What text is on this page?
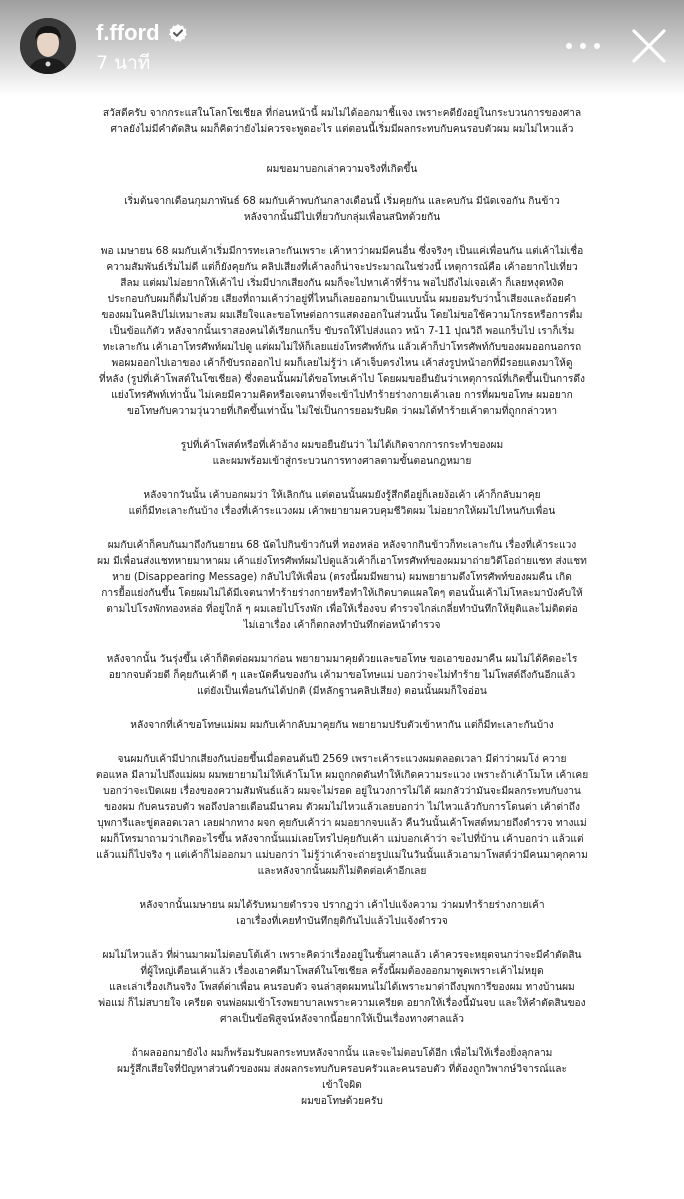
f.fford
7 นาที

สวัสดีครับ จากกระแสในโลกโซเชียล ที่ก่อนหน้านี้ ผมไม่ได้ออกมาชี้แจง เพราะคดียังอยู่ในกระบวนการของศาล
ศาลยังไม่มีคำตัดสิน ผมก็คิดว่ายังไม่ควรจะพูดอะไร แต่ตอนนี้เริ่มมีผลกระทบกับคนรอบตัวผม ผมไม่ไหวแล้ว

ผมขอมาบอกเล่าความจริงที่เกิดขึ้น

เริ่มต้นจากเดือนกุมภาพันธ์ 68 ผมกับเค้าพบกันกลางเดือนนี้ เริ่มคุยกัน และคบกัน มีนัดเจอกัน กินข้าว
หลังจากนั้นมีไปเที่ยวกับกลุ่มเพื่อนสนิทด้วยกัน

พอ เมษายน 68 ผมกับเค้าเริ่มมีการทะเลาะกันเพราะ เค้าหาว่าผมมีคนอื่น ซึ่งจริงๆ เป็นแค่เพื่อนกัน แต่เค้าไม่เชื่อ
ความสัมพันธ์เริ่มไม่ดี แต่ก็ยังคุยกัน คลิปเสียงที่เค้าลงก็น่าจะประมาณในช่วงนี้ เหตุการณ์คือ เค้าอยากไปเที่ยว
สีลม แต่ผมไม่อยากให้เค้าไป เริ่มมีปากเสียงกัน ผมก็จะไปหาเค้าที่ร้าน พอไปถึงไม่เจอเค้า ก็เลยหงุดหงิด
ประกอบกับผมก็ดื่มไปด้วย เสียงที่ถามเค้าว่าอยู่ที่ไหนก็เลยออกมาเป็นแบบนั้น ผมยอมรับว่าน้ำเสียงและถ้อยคำ
ของผมในคลิปไม่เหมาะสม ผมเสียใจและขอโทษต่อการแสดงออกในส่วนนั้น โดยไม่ขอใช้ความโกรธหรือการดื่ม
เป็นข้อแก้ตัว หลังจากนั้นเราสองคนได้เรียกแกร็บ ขับรถให้ไปส่งแถว หน้า 7-11 ปุณวิถี พอแกร็บไป เราก็เริ่ม
ทะเลาะกัน เค้าเอาโทรศัพท์ผมไปดู แต่ผมไม่ให้ก็เลยแย่งโทรศัพท์กัน แล้วเค้าก็ปาโทรศัพท์กับของผมออกนอกรถ
พอผมออกไปเอาของ เค้าก็ขับรถออกไป ผมก็เลยไม่รู้ว่า เค้าเจ็บตรงไหน เค้าส่งรูปหน้าอกที่มีรอยแดงมาให้ดู
ที่หลัง (รูปที่เค้าโพสต์ในโซเชียล) ซึ่งตอนนั้นผมได้ขอโทษเค้าไป โดยผมขอยืนยันว่าเหตุการณ์ที่เกิดขึ้นเป็นการดึง
แย่งโทรศัพท์เท่านั้น ไม่เคยมีความคิดหรือเจตนาที่จะเข้าไปทำร้ายร่างกายเค้าเลย การที่ผมขอโทษ ผมอยาก
ขอโทษกับความวุ่นวายที่เกิดขึ้นเท่านั้น ไม่ใช่เป็นการยอมรับผิด ว่าผมได้ทำร้ายเค้าตามที่ถูกกล่าวหา

รูปที่เค้าโพสต์หรือที่เค้าอ้าง ผมขอยืนยันว่า ไม่ได้เกิดจากการกระทำของผม
และผมพร้อมเข้าสู่กระบวนการทางศาลตามขั้นตอนกฎหมาย

หลังจากวันนั้น เค้าบอกผมว่า ให้เลิกกัน แต่ตอนนั้นผมยังรู้สึกดีอยู่ก็เลยง้อเค้า เค้าก็กลับมาคุย
แต่ก็มีทะเลาะกันบ้าง เรื่องที่เค้าระแวงผม เค้าพยายามควบคุมชีวิตผม ไม่อยากให้ผมไปไหนกับเพื่อน

ผมกับเค้าก็คบกันมาถึงกันยายน 68 นัดไปกินข้าวกันที่ ทองหล่อ หลังจากกินข้าวก็ทะเลาะกัน เรื่องที่เค้าระแวง
ผม มีเพื่อนส่งแชทหายมาหาผม เค้าแย่งโทรศัพท์ผมไปดูแล้วเค้าก็เอาโทรศัพท์ของผมมาถ่ายวิดีโอถ่ายแชท ส่งแชท
หาย (Disappearing Message) กลับไปให้เพื่อน (ตรงนี้ผมมีพยาน) ผมพยายามดึงโทรศัพท์ของผมคืน เกิด
การยื้อแย่งกันขึ้น โดยผมไม่ได้มีเจตนาทำร้ายร่างกายหรือทำให้เกิดบาดแผลใดๆ ตอนนั้นเค้าไม่โหละมาบังคับให้
ตามไปโรงพักทองหล่อ ที่อยู่ใกล้ ๆ ผมเลยไปโรงพัก เพื่อให้เรื่องจบ ตำรวจไกล่เกลี่ยทำบันทึกให้ยุติและไม่ติดต่อ
ไม่เอาเรื่อง เค้าก็ตกลงทำบันทึกต่อหน้าตำรวจ

หลังจากนั้น วันรุ่งขึ้น เค้าก็ติดต่อผมมาก่อน พยายามมาคุยด้วยและขอโทษ ขอเอาของมาคืน ผมไม่ได้คิดอะไร
อยากจบด้วยดี ก็คุยกันเค้าดี ๆ และนัดคืนของกัน เค้ามาขอโทษแม่ บอกว่าจะไม่ทำร้าย ไม่โพสต์ถึงกันอีกแล้ว
แต่ยังเป็นเพื่อนกันได้ปกติ (มีหลักฐานคลิปเสียง) ตอนนั้นผมก็ใจอ่อน

หลังจากที่เค้าขอโทษแม่ผม ผมกับเค้ากลับมาคุยกัน พยายามปรับตัวเข้าหากัน แต่ก็มีทะเลาะกันบ้าง

จนผมกับเค้ามีปากเสียงกันบ่อยขึ้นเมื่อตอนต้นปี 2569 เพราะเค้าระแวงผมตลอดเวลา มีด่าว่าผมโง่ ควาย
ตอแหล มีลามไปถึงแม่ผม ผมพยายามไม่ให้เค้าโมโห ผมถูกกดดันทำให้เกิดความระแวง เพราะถ้าเค้าโมโห เค้าเคย
บอกว่าจะเปิดเผย เรื่องของความสัมพันธ์แล้ว ผมจะไม่รอด อยู่ในวงการไม่ได้ ผมกลัวว่ามันจะมีผลกระทบกับงาน
ของผม กับคนรอบตัว พอถึงปลายเดือนมีนาคม ตัวผมไม่ไหวแล้วเลยบอกว่า ไม่ไหวแล้วกับการโดนด่า เค้าด่าถึง
บุพการีและขู่ตลอดเวลา เลยฝากทาง ผจก คุยกับเค้าว่า ผมอยากจบแล้ว คืนวันนั้นเค้าโพสต์หมายถึงตำรวจ ทางแม่
ผมก็โทรมาถามว่าเกิดอะไรขึ้น หลังจากนั้นแม่เลยโทรไปคุยกับเค้า แม่บอกเค้าว่า จะไปที่บ้าน เค้าบอกว่า แล้วแต่
แล้วแม่ก็ไปจริง ๆ แต่เค้าก็ไม่ออกมา แม่บอกว่า ไม่รู้ว่าเค้าจะถ่ายรูปแม่ในวันนั้นแล้วเอามาโพสต์ว่ามีคนมาคุกคาม
และหลังจากนั้นผมก็ไม่ติดต่อเค้าอีกเลย

หลังจากนั้นเมษายน ผมได้รับหมายตำรวจ ปรากฏว่า เค้าไปแจ้งความ ว่าผมทำร้ายร่างกายเค้า
เอาเรื่องที่เคยทำบันทึกยุติกันไปแล้วไปแจ้งตำรวจ

ผมไม่ไหวแล้ว ที่ผ่านมาผมไม่ตอบโต้เค้า เพราะคิดว่าเรื่องอยู่ในชั้นศาลแล้ว เค้าควรจะหยุดจนกว่าจะมีคำตัดสิน
ที่ผู้ใหญ่เตือนเค้าแล้ว เรื่องเอาคดีมาโพสต์ในโซเชียล ครั้งนี้ผมต้องออกมาพูดเพราะเค้าไม่หยุด
และเล่าเรื่องเกินจริง โพสต์ด่าเพื่อน คนรอบตัว จนล่าสุดผมทนไม่ได้เพราะมาด่าถึงบุพการีของผม ทางบ้านผม
พ่อแม่ ก็ไม่สบายใจ เครียด จนพ่อผมเข้าโรงพยาบาลเพราะความเครียด อยากให้เรื่องนี้มันจบ และให้คำตัดสินของ
ศาลเป็นข้อพิสูจน์หลังจากนี้อยากให้เป็นเรื่องทางศาลแล้ว

ถ้าผลออกมายังไง ผมก็พร้อมรับผลกระทบหลังจากนั้น และจะไม่ตอบโต้อีก เพื่อไม่ให้เรื่องยิ่งลุกลาม
ผมรู้สึกเสียใจที่ปัญหาส่วนตัวของผม ส่งผลกระทบกับครอบครัวและคนรอบตัว ที่ต้องถูกวิพากษ์วิจารณ์และ
เข้าใจผิด
ผมขอโทษด้วยครับ
